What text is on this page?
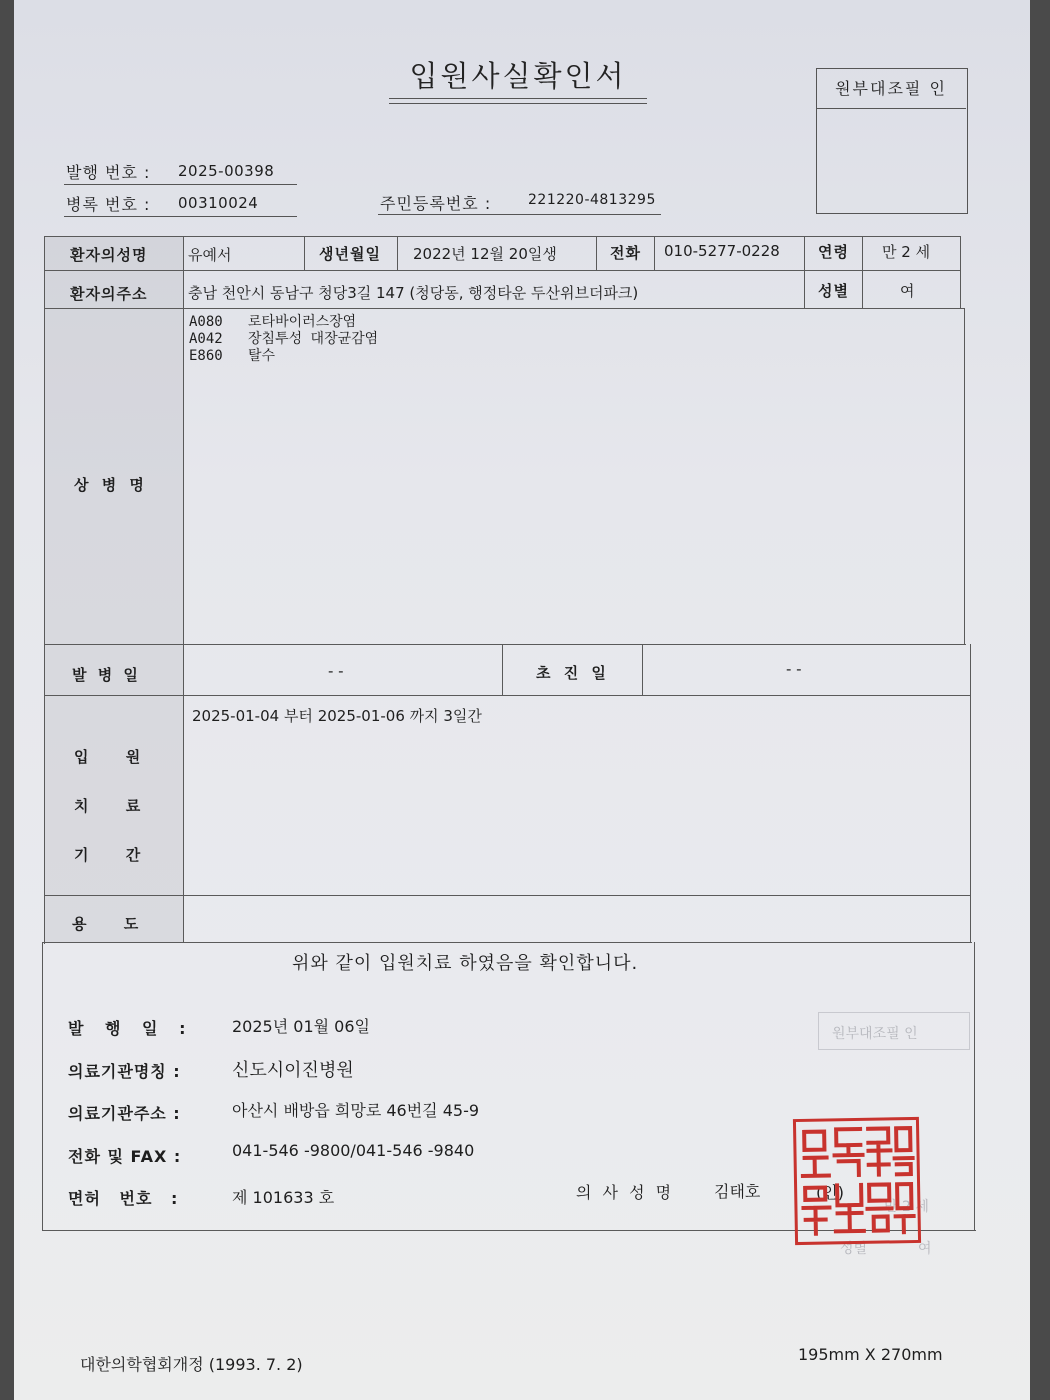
입원사실확인서	원부대조필 인
발행 번호 : 2025-00398
병록 번호 : 00310024	주민등록번호 :	221220-4813295
환자의성명	유예서	생년월일 2022년 12월 20일생	전화 010-5277-0228	연령 만 2 세
환자의주소	충남 천안시 동남구 청당3길 147 (청당동, 행정타운 두산위브더파크)	성별	여
상 병 명
A080 로타바이러스장염
A042 장침투성 대장균감염
E860 탈수
발 병 일	- -	초 진 일	- -
입 원
치 료
기 간
2025-01-04 부터 2025-01-06 까지 3일간
용 도
위와 같이 입원치료 하였음을 확인합니다.
발 행 일 :	2025년 01월 06일
의료기관명칭 :	신도시이진병원
의료기관주소 :	아산시 배방읍 희망로 46번길 45-9
전화 및 FAX :	041-546 -9800/041-546 -9840
면허 번호 :	제 101633 호	의 사 성 명 김태호	(인)
원부대조필 인
만 2 세
성별	여
대한의학협회개정 (1993. 7. 2)
195mm X 270mm
